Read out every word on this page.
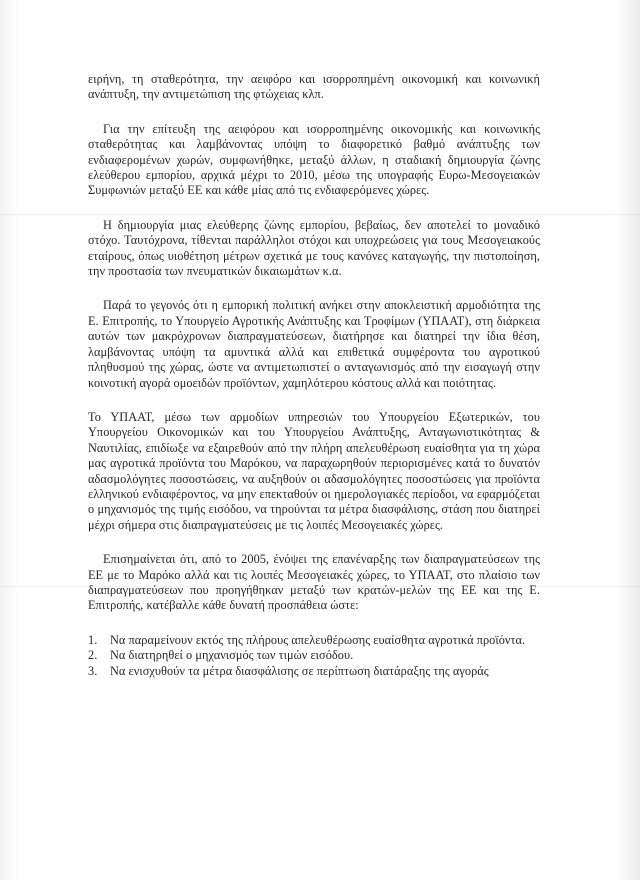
ειρήνη, τη σταθερότητα, την αειφόρο και ισορροπημένη οικονομική και κοινωνική ανάπτυξη, την αντιμετώπιση της φτώχειας κλπ.

Για την επίτευξη της αειφόρου και ισορροπημένης οικονομικής και κοινωνικής σταθερότητας και λαμβάνοντας υπόψη το διαφορετικό βαθμό ανάπτυξης των ενδιαφερομένων χωρών, συμφωνήθηκε, μεταξύ άλλων, η σταδιακή δημιουργία ζώνης ελεύθερου εμπορίου, αρχικά μέχρι το 2010, μέσω της υπογραφής Ευρω-Μεσογειακών Συμφωνιών μεταξύ ΕΕ και κάθε μίας από τις ενδιαφερόμενες χώρες.

Η δημιουργία μιας ελεύθερης ζώνης εμπορίου, βεβαίως, δεν αποτελεί το μοναδικό στόχο. Ταυτόχρονα, τίθενται παράλληλοι στόχοι και υποχρεώσεις για τους Μεσογειακούς εταίρους, όπως υιοθέτηση μέτρων σχετικά με τους κανόνες καταγωγής, την πιστοποίηση, την προστασία των πνευματικών δικαιωμάτων κ.α.

Παρά το γεγονός ότι η εμπορική πολιτική ανήκει στην αποκλειστική αρμοδιότητα της Ε. Επιτροπής, το Υπουργείο Αγροτικής Ανάπτυξης και Τροφίμων (ΥΠΑΑΤ), στη διάρκεια αυτών των μακρόχρονων διαπραγματεύσεων, διατήρησε και διατηρεί την ίδια θέση, λαμβάνοντας υπόψη τα αμυντικά αλλά και επιθετικά συμφέροντα του αγροτικού πληθυσμού της χώρας, ώστε να αντιμετωπιστεί ο ανταγωνισμός από την εισαγωγή στην κοινοτική αγορά ομοειδών προϊόντων, χαμηλότερου κόστους αλλά και ποιότητας.

Το ΥΠΑΑΤ, μέσω των αρμοδίων υπηρεσιών του Υπουργείου Εξωτερικών, του Υπουργείου Οικονομικών και του Υπουργείου Ανάπτυξης, Ανταγωνιστικότητας & Ναυτιλίας, επιδίωξε να εξαιρεθούν από την πλήρη απελευθέρωση ευαίσθητα για τη χώρα μας αγροτικά προϊόντα του Μαρόκου, να παραχωρηθούν περιορισμένες κατά το δυνατόν αδασμολόγητες ποσοστώσεις, να αυξηθούν οι αδασμολόγητες ποσοστώσεις για προϊόντα ελληνικού ενδιαφέροντος, να μην επεκταθούν οι ημερολογιακές περίοδοι, να εφαρμόζεται ο μηχανισμός της τιμής εισόδου, να τηρούνται τα μέτρα διασφάλισης, στάση που διατηρεί μέχρι σήμερα στις διαπραγματεύσεις με τις λοιπές Μεσογειακές χώρες.

Επισημαίνεται ότι, από το 2005, ένόψει της επανέναρξης των διαπραγματεύσεων της ΕΕ με το Μαρόκο αλλά και τις λοιπές Μεσογειακές χώρες, το ΥΠΑΑΤ, στο πλαίσιο των διαπραγματεύσεων που προηγήθηκαν μεταξύ των κρατών-μελών της ΕΕ και της Ε. Επιτροπής, κατέβαλλε κάθε δυνατή προσπάθεια ώστε:

1.	Να παραμείνουν εκτός της πλήρους απελευθέρωσης ευαίσθητα αγροτικά προϊόντα.
2.	Να διατηρηθεί ο μηχανισμός των τιμών εισόδου.
3.	Να ενισχυθούν τα μέτρα διασφάλισης σε περίπτωση διατάραξης της αγοράς
